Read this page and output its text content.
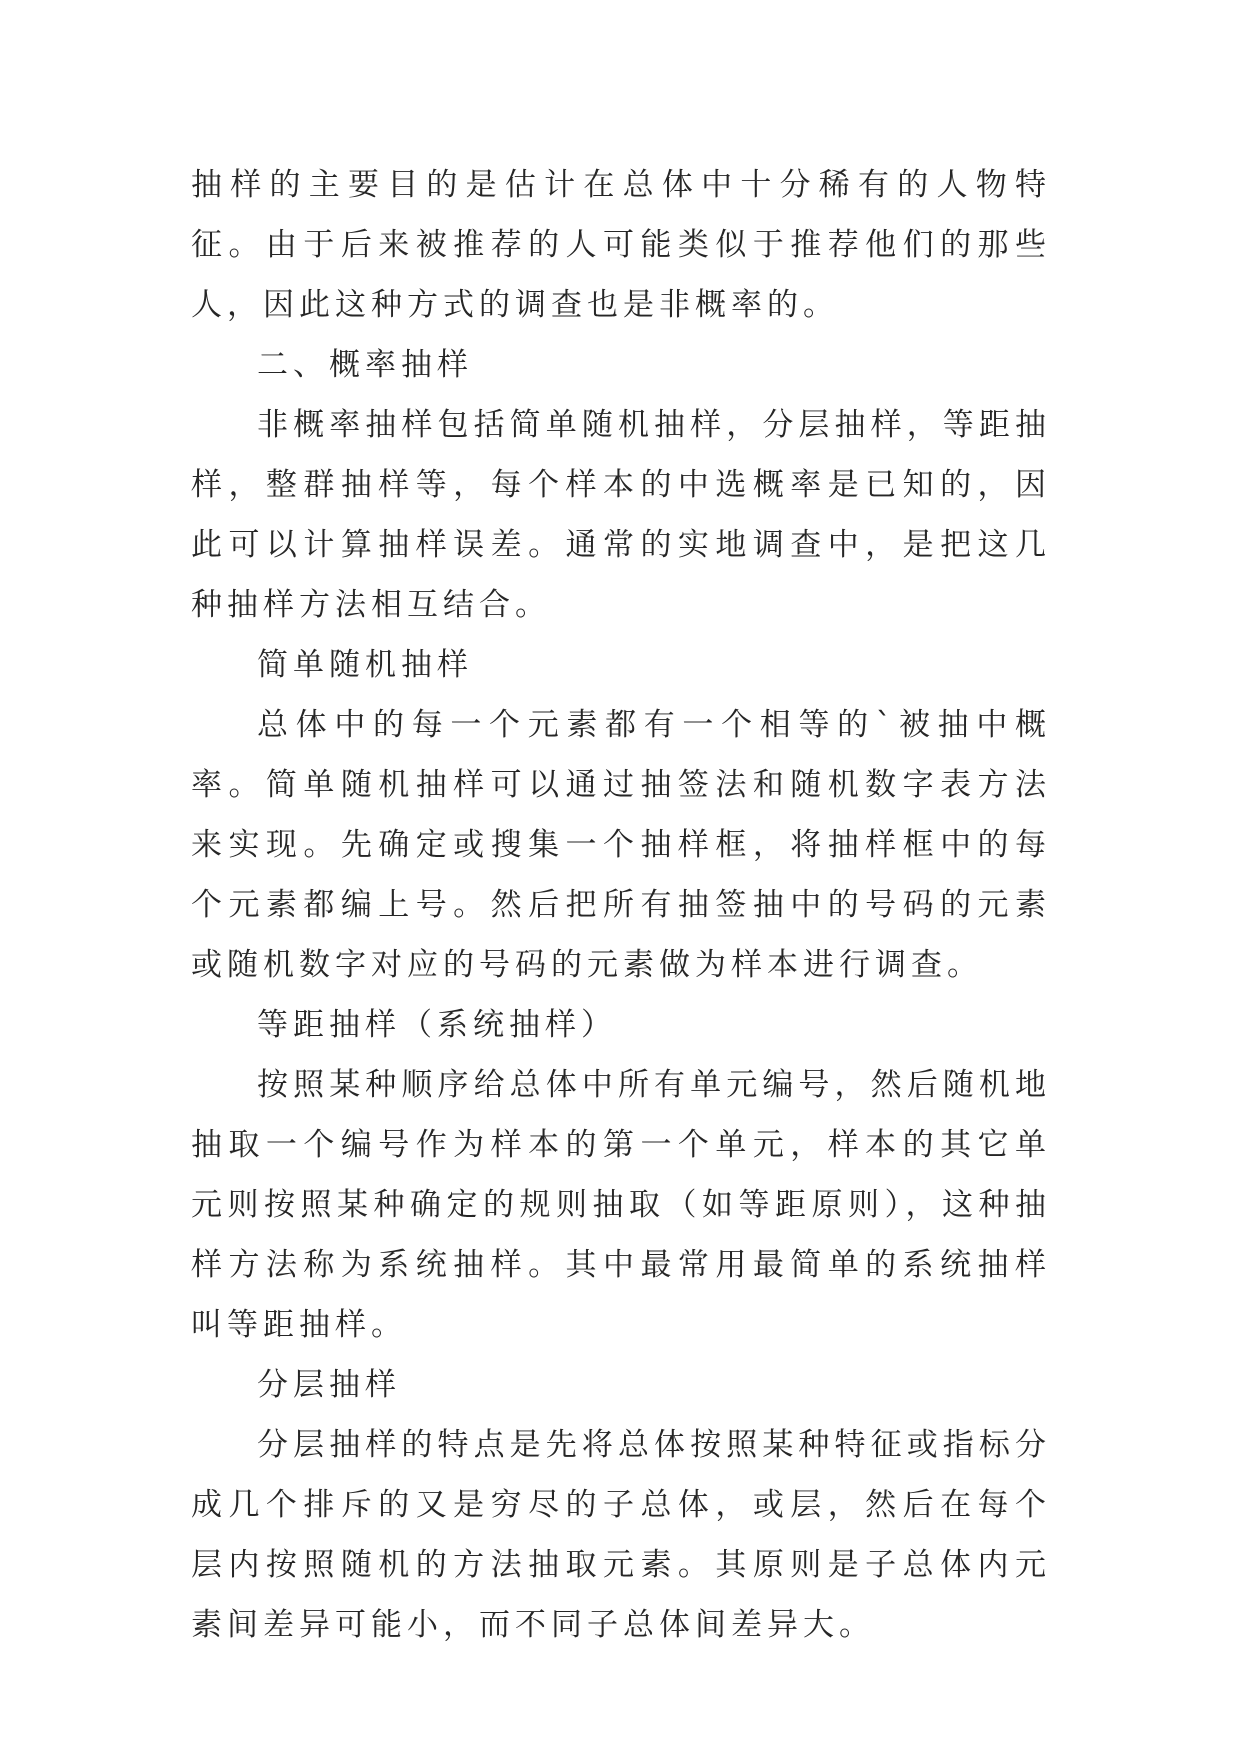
抽样的主要目的是估计在总体中十分稀有的人物特征。由于后来被推荐的人可能类似于推荐他们的那些人，因此这种方式的调查也是非概率的。

二、概率抽样

非概率抽样包括简单随机抽样，分层抽样，等距抽样，整群抽样等，每个样本的中选概率是已知的，因此可以计算抽样误差。通常的实地调查中，是把这几种抽样方法相互结合。

简单随机抽样

总体中的每一个元素都有一个相等的`被抽中概率。简单随机抽样可以通过抽签法和随机数字表方法来实现。先确定或搜集一个抽样框，将抽样框中的每个元素都编上号。然后把所有抽签抽中的号码的元素或随机数字对应的号码的元素做为样本进行调查。

等距抽样（系统抽样）

按照某种顺序给总体中所有单元编号，然后随机地抽取一个编号作为样本的第一个单元，样本的其它单元则按照某种确定的规则抽取（如等距原则），这种抽样方法称为系统抽样。其中最常用最简单的系统抽样叫等距抽样。

分层抽样

分层抽样的特点是先将总体按照某种特征或指标分成几个排斥的又是穷尽的子总体，或层，然后在每个层内按照随机的方法抽取元素。其原则是子总体内元素间差异可能小，而不同子总体间差异大。
